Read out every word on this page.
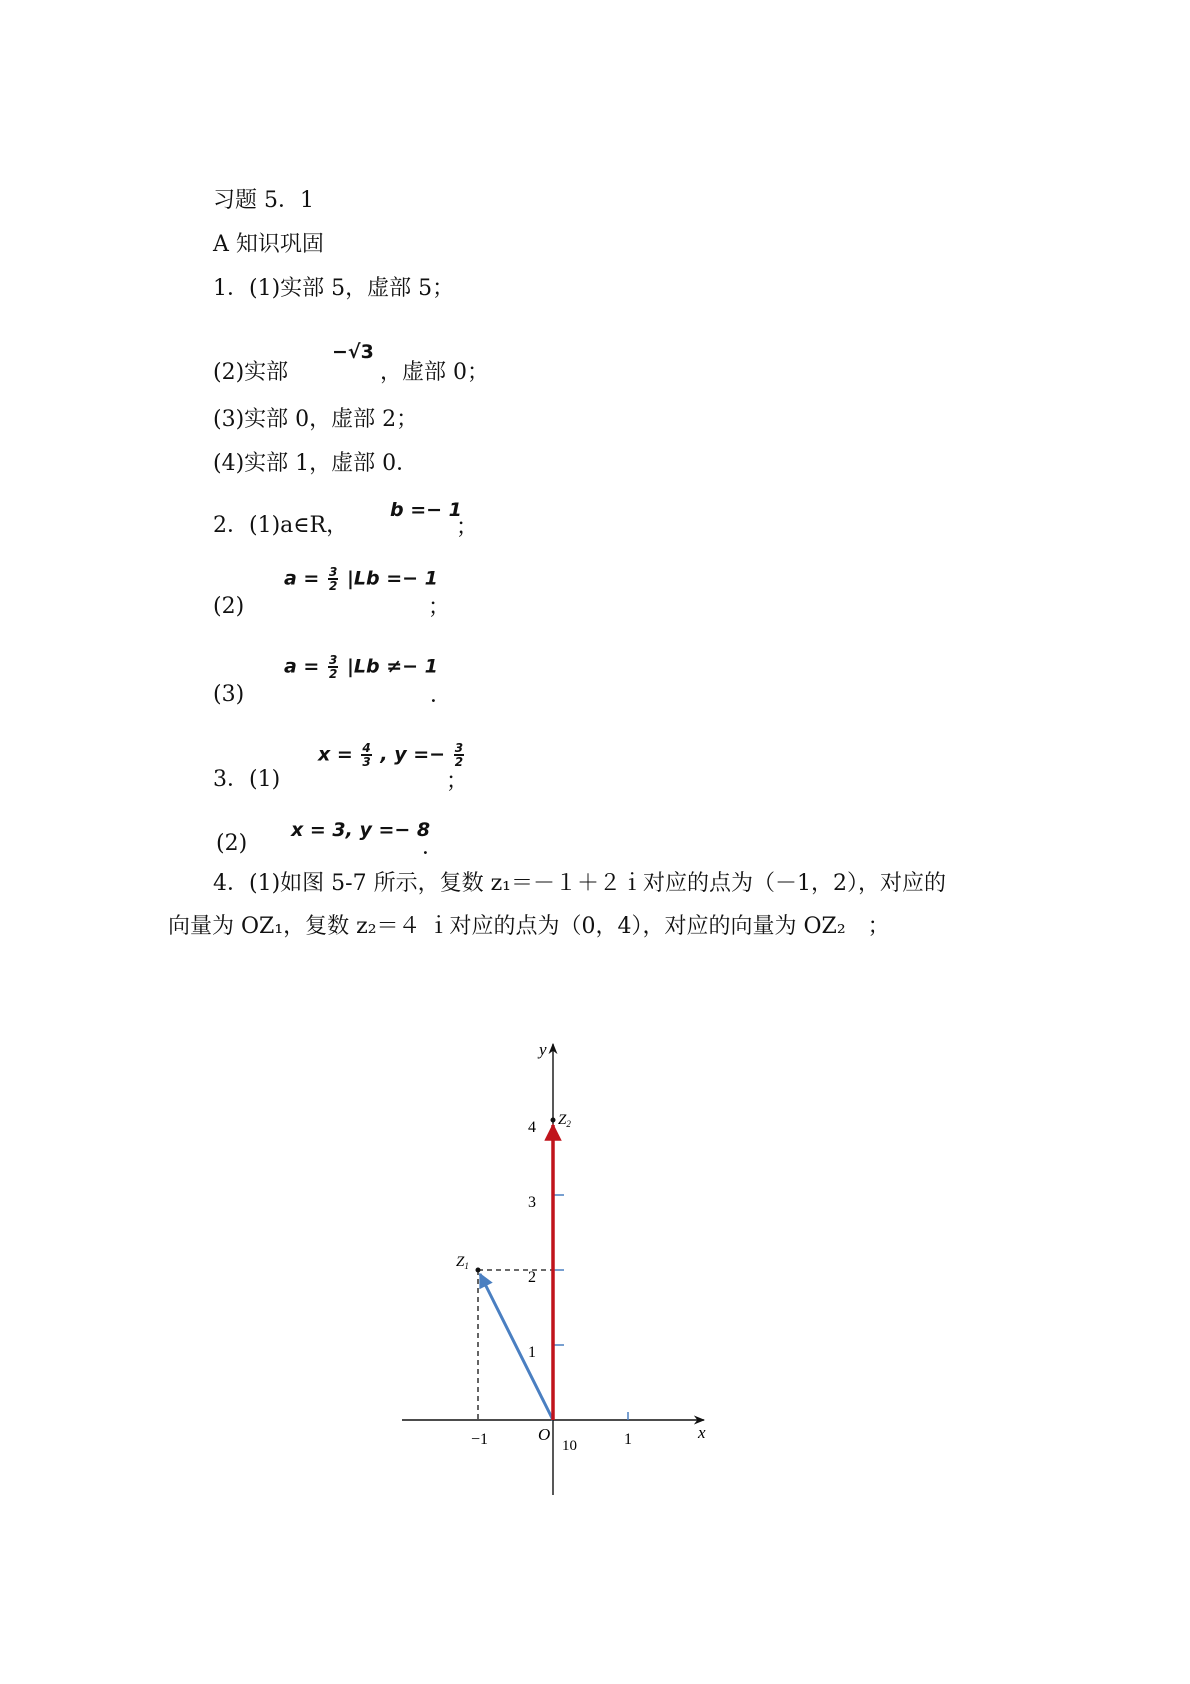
习题 5．1
A 知识巩固
1．(1)实部 5，虚部 5；
(2)实部
−√3
，虚部 0；
(3)实部 0，虚部 2；
(4)实部 1，虚部 0．
2．(1)a∈R，
b =− 1
；
(2)
$a = \frac{3}{2} |Lb =- 1$
；
(3)
$a = \frac{3}{2} |Lb \ne- 1$
．
3．(1)
$x = \frac{4}{3}$ , $y =- \frac{3}{2}$
；
(2)
x = 3, y =− 8
．
4．(1)如图 5-7 所示，复数 z₁＝－１＋２ｉ对应的点为（－1，2），对应的
向量为 OZ₁，复数 z₂＝４ ｉ对应的点为（0，4），对应的向量为 OZ₂　；
y
x
O
−1	1
1
2
3
4
$Z_1$
$Z_2$
10
